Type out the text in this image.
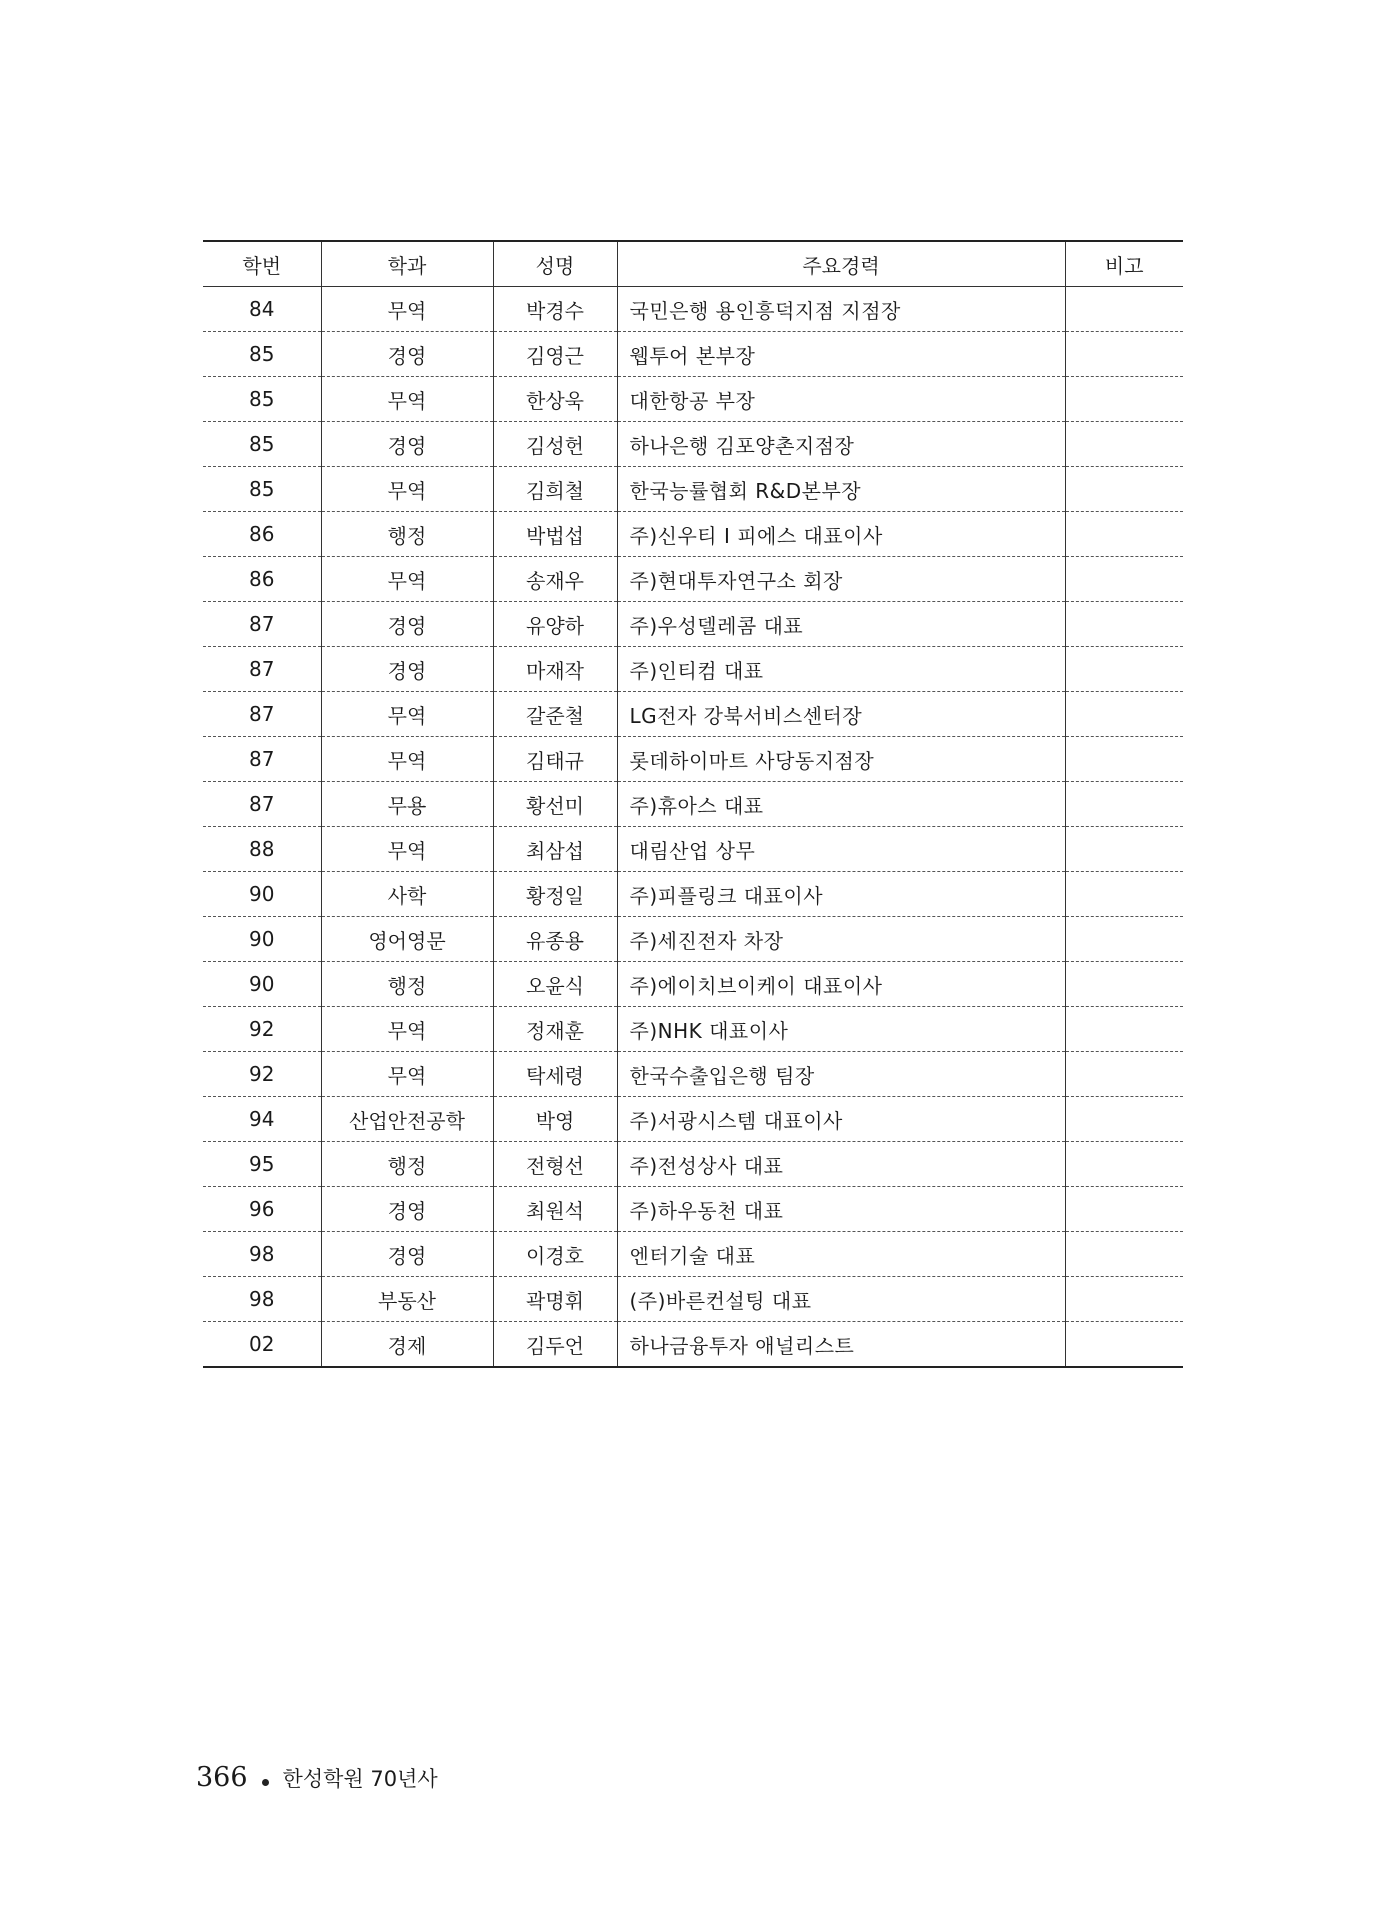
학번	학과	성명	주요경력	비고
84	무역	박경수	국민은행 용인흥덕지점 지점장	
85	경영	김영근	웹투어 본부장	
85	무역	한상욱	대한항공 부장	
85	경영	김성헌	하나은행 김포양촌지점장	
85	무역	김희철	한국능률협회 R&D본부장	
86	행정	박법섭	주)신우티 I 피에스 대표이사	
86	무역	송재우	주)현대투자연구소 회장	
87	경영	유양하	주)우성델레콤 대표	
87	경영	마재작	주)인티컴 대표	
87	무역	갈준철	LG전자 강북서비스센터장	
87	무역	김태규	롯데하이마트 사당동지점장	
87	무용	황선미	주)휴아스 대표	
88	무역	최삼섭	대림산업 상무	
90	사학	황정일	주)피플링크 대표이사	
90	영어영문	유종용	주)세진전자 차장	
90	행정	오윤식	주)에이치브이케이 대표이사	
92	무역	정재훈	주)NHK 대표이사	
92	무역	탁세령	한국수출입은행 팀장	
94	산업안전공학	박영	주)서광시스템 대표이사	
95	행정	전형선	주)전성상사 대표	
96	경영	최원석	주)하우동천 대표	
98	경영	이경호	엔터기술 대표	
98	부동산	곽명휘	(주)바른컨설팅 대표	
02	경제	김두언	하나금융투자 애널리스트	
366 한성학원 70년사
